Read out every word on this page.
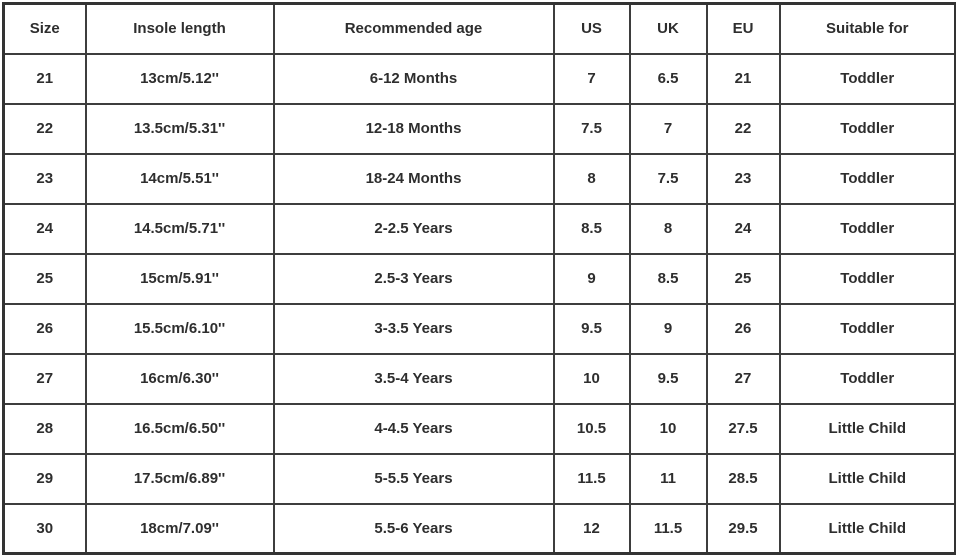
Size	Insole length	Recommended age	US	UK	EU	Suitable for
21	13cm/5.12''	6-12 Months	7	6.5	21	Toddler
22	13.5cm/5.31''	12-18 Months	7.5	7	22	Toddler
23	14cm/5.51''	18-24 Months	8	7.5	23	Toddler
24	14.5cm/5.71''	2-2.5 Years	8.5	8	24	Toddler
25	15cm/5.91''	2.5-3 Years	9	8.5	25	Toddler
26	15.5cm/6.10''	3-3.5 Years	9.5	9	26	Toddler
27	16cm/6.30''	3.5-4 Years	10	9.5	27	Toddler
28	16.5cm/6.50''	4-4.5 Years	10.5	10	27.5	Little Child
29	17.5cm/6.89''	5-5.5 Years	11.5	11	28.5	Little Child
30	18cm/7.09''	5.5-6 Years	12	11.5	29.5	Little Child
